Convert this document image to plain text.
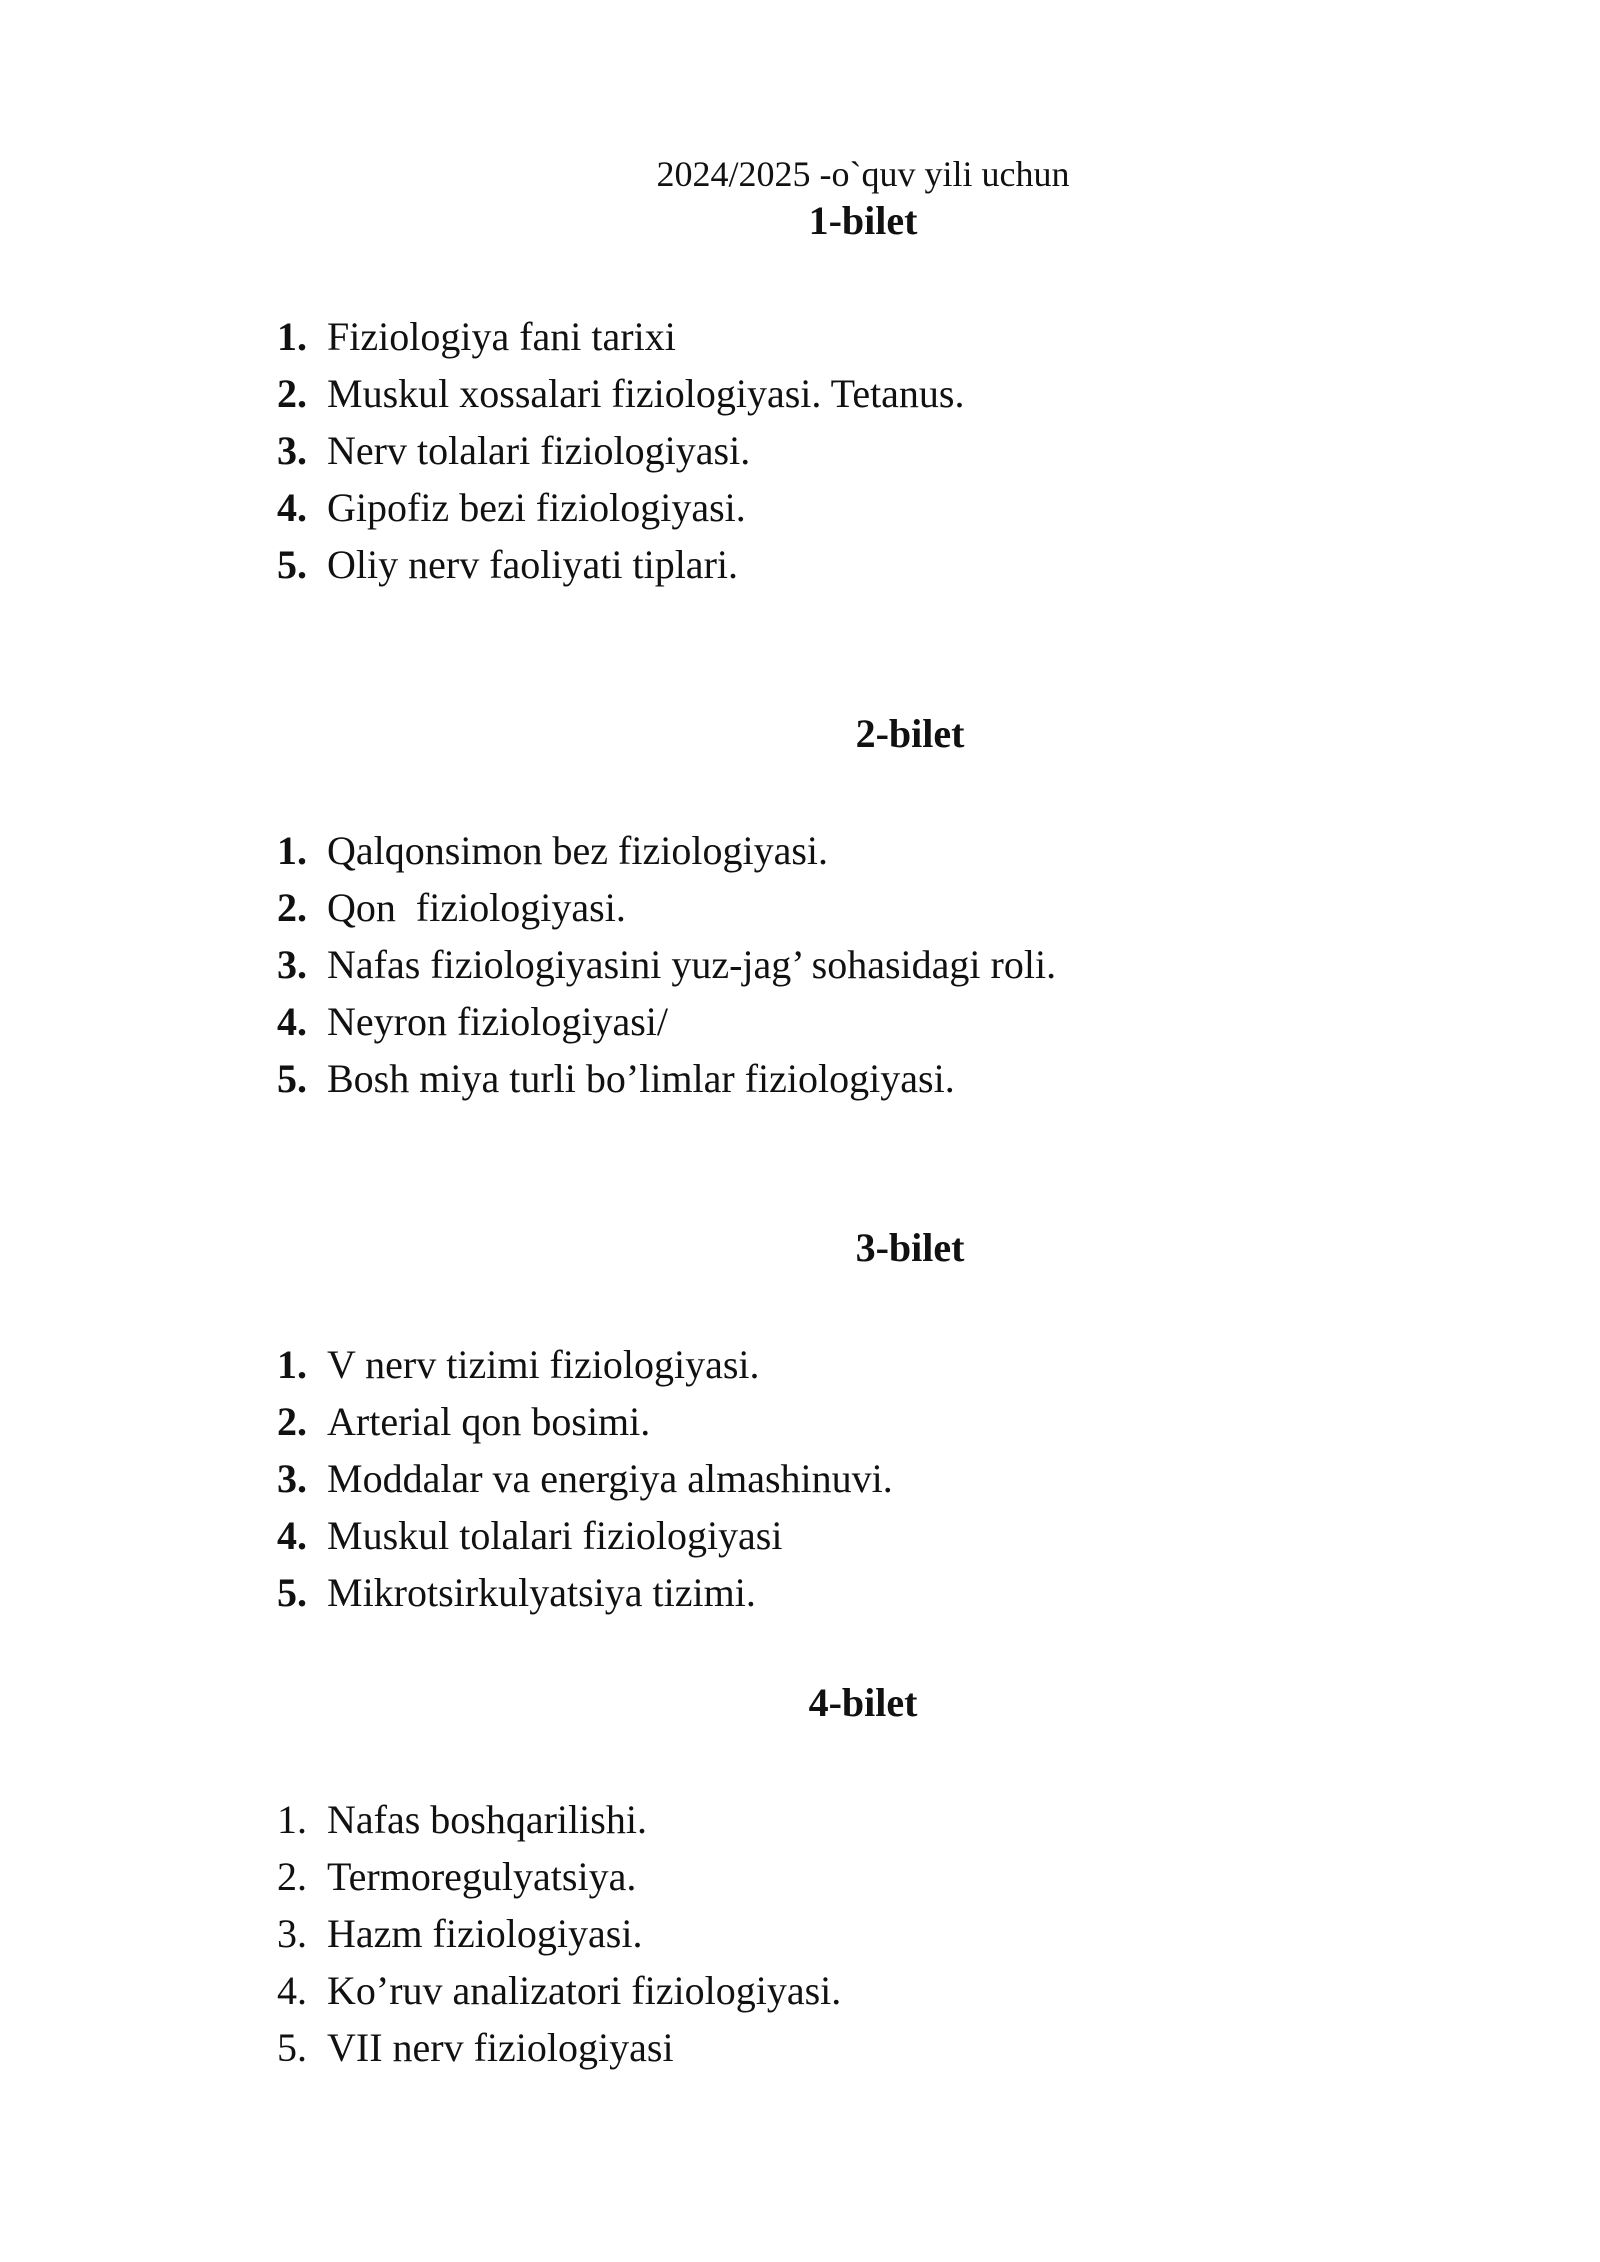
2024/2025 -o`quv yili uchun
1-bilet
1. Fiziologiya fani tarixi
2. Muskul xossalari fiziologiyasi. Tetanus.
3. Nerv tolalari fiziologiyasi.
4. Gipofiz bezi fiziologiyasi.
5. Oliy nerv faoliyati tiplari.
2-bilet
1. Qalqonsimon bez fiziologiyasi.
2. Qon  fiziologiyasi.
3. Nafas fiziologiyasini yuz-jag’ sohasidagi roli.
4. Neyron fiziologiyasi/
5. Bosh miya turli bo’limlar fiziologiyasi.
3-bilet
1. V nerv tizimi fiziologiyasi.
2. Arterial qon bosimi.
3. Moddalar va energiya almashinuvi.
4. Muskul tolalari fiziologiyasi
5. Mikrotsirkulyatsiya tizimi.
4-bilet
1. Nafas boshqarilishi.
2. Termoregulyatsiya.
3. Hazm fiziologiyasi.
4. Ko’ruv analizatori fiziologiyasi.
5. VII nerv fiziologiyasi
